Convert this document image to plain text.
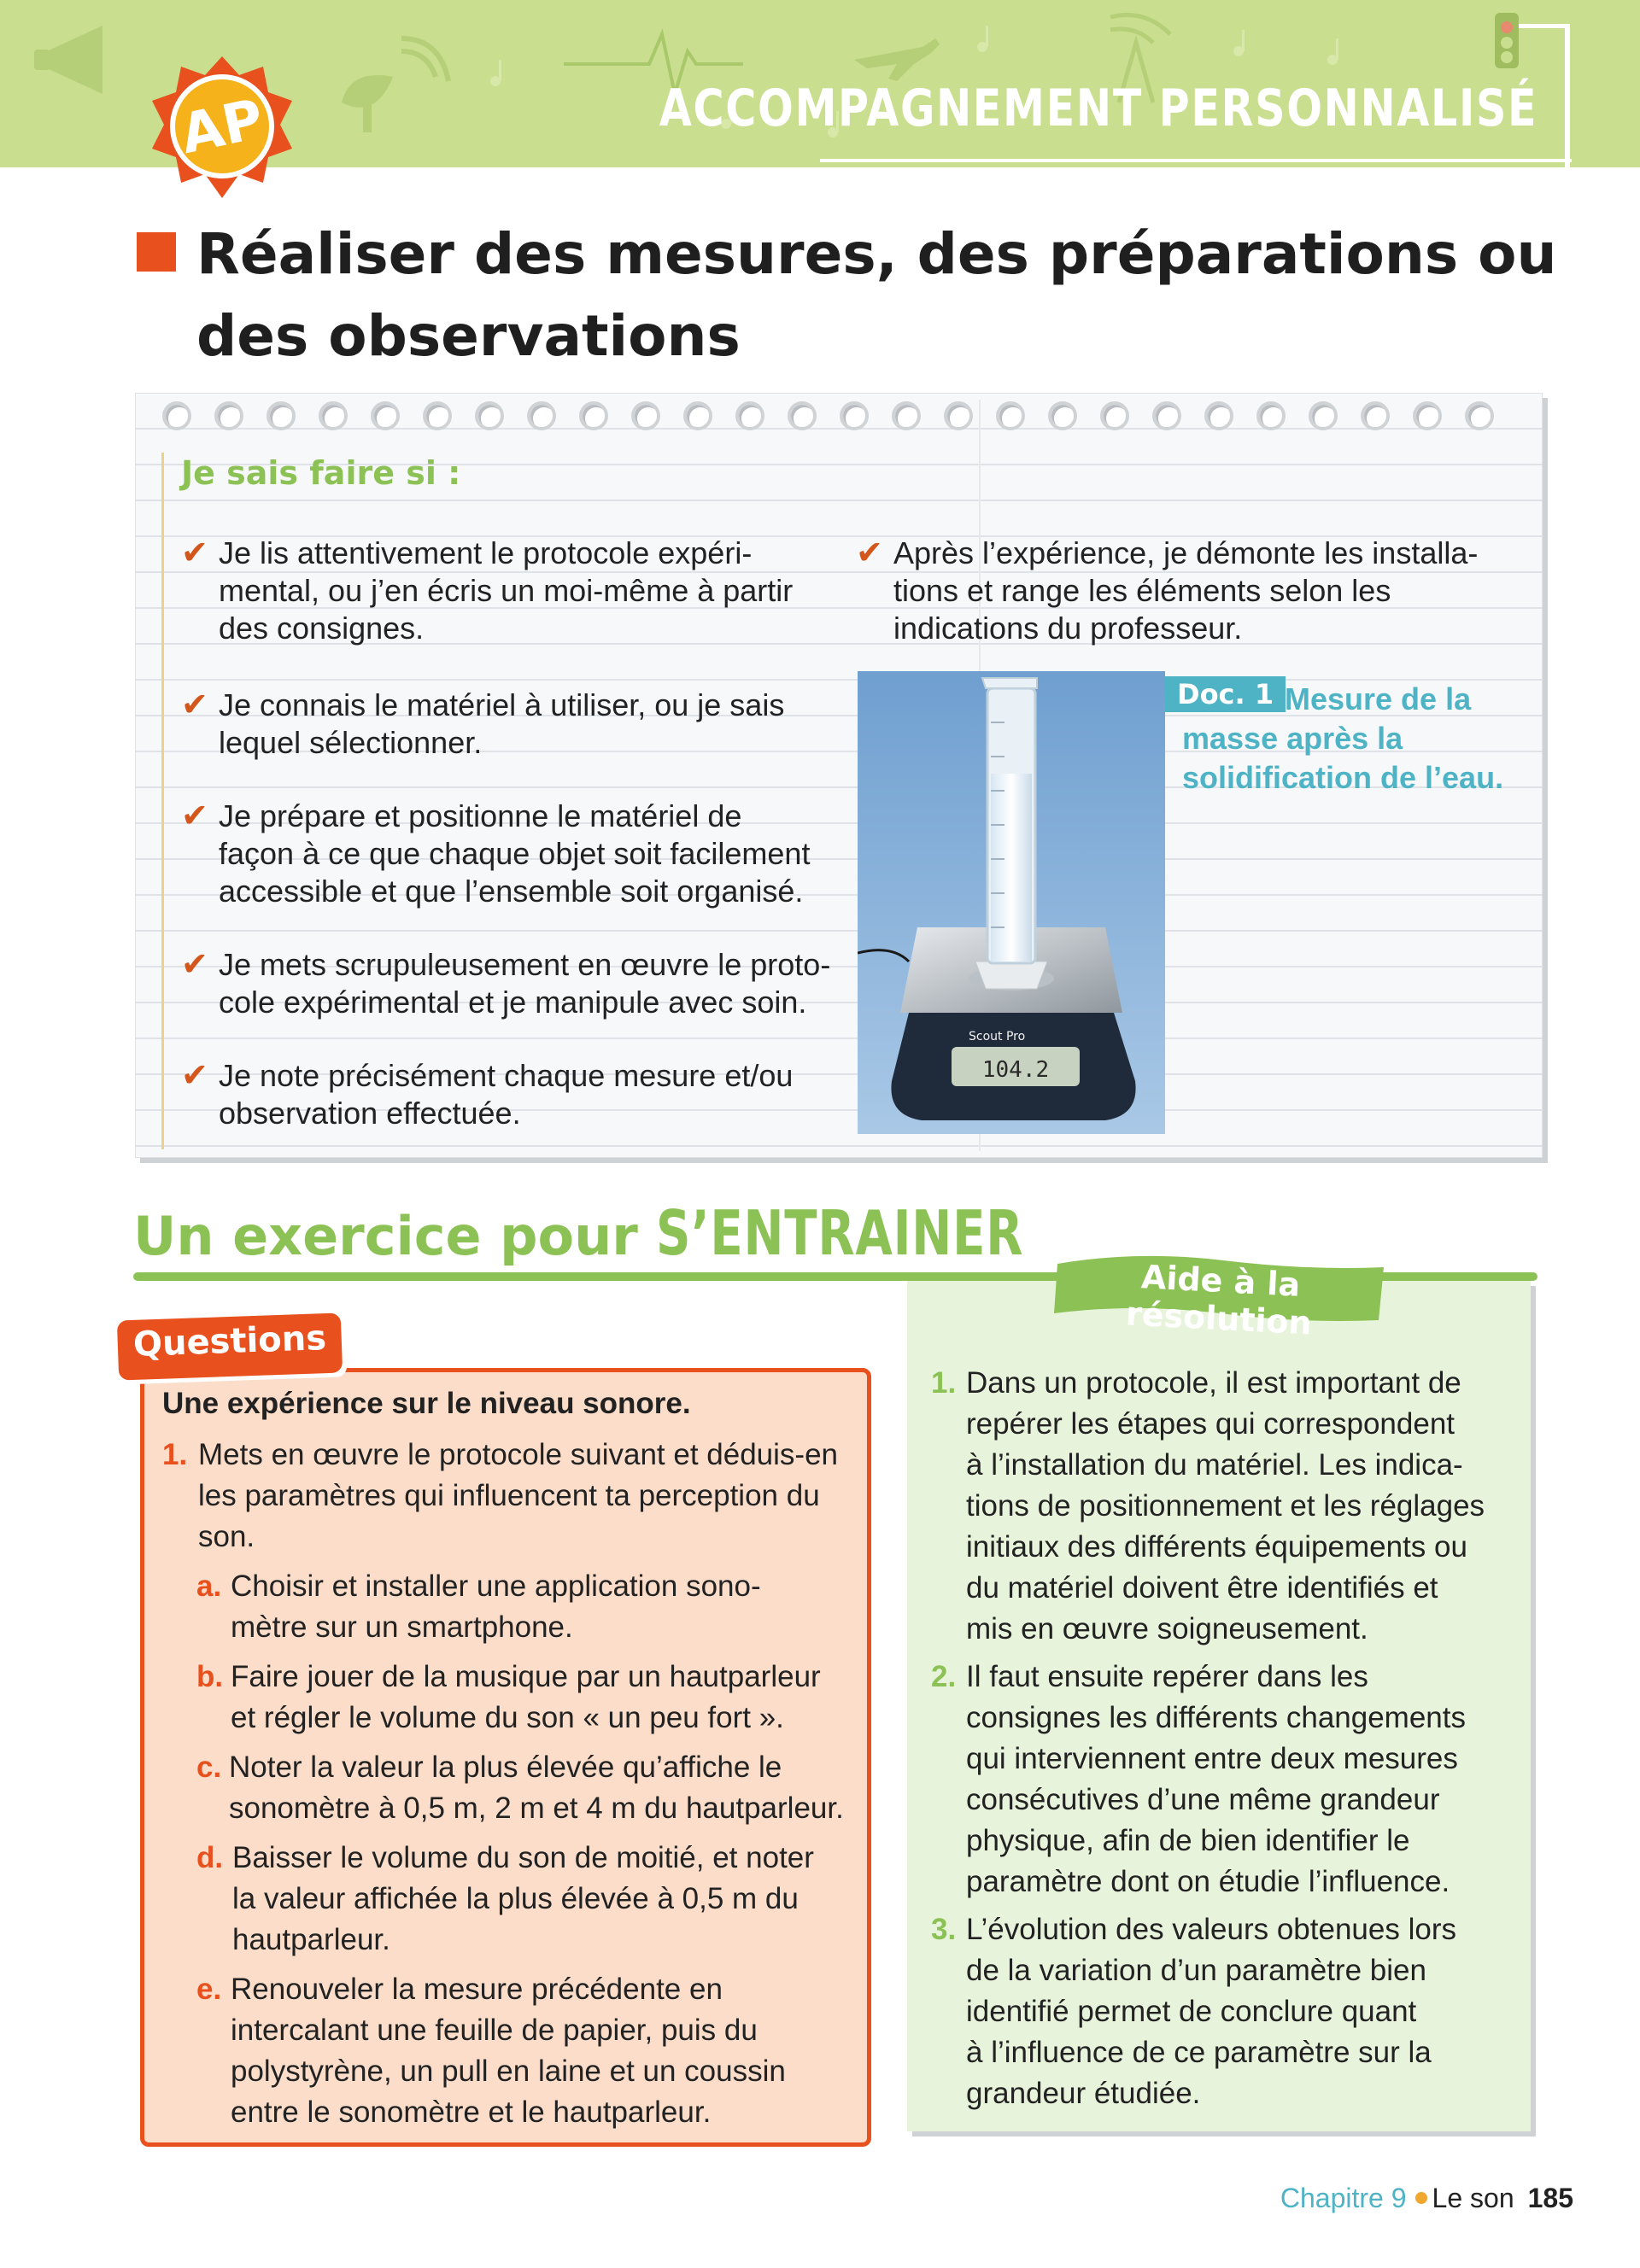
ACCOMPAGNEMENT PERSONNALISÉ
AP
Réaliser des mesures, des préparations ou des observations
Je sais faire si :
✔ Je lis attentivement le protocole expéri-
mental, ou j’en écris un moi-même à partir
des consignes.
✔ Je connais le matériel à utiliser, ou je sais
lequel sélectionner.
✔ Je prépare et positionne le matériel de
façon à ce que chaque objet soit facilement
accessible et que l’ensemble soit organisé.
✔ Je mets scrupuleusement en œuvre le proto-
cole expérimental et je manipule avec soin.
✔ Je note précisément chaque mesure et/ou
observation effectuée.
✔ Après l’expérience, je démonte les installa-
tions et range les éléments selon les
indications du professeur.
104.2
Scout Pro
Doc. 1 Mesure de la masse après la solidification de l’eau.
Un exercice pour S’ENTRAINER
Questions
Une expérience sur le niveau sonore.
1. Mets en œuvre le protocole suivant et déduis-en
les paramètres qui influencent ta perception du
son.
a. Choisir et installer une application sono-
mètre sur un smartphone.
b. Faire jouer de la musique par un hautparleur
et régler le volume du son « un peu fort ».
c. Noter la valeur la plus élevée qu’affiche le
sonomètre à 0,5 m, 2 m et 4 m du hautparleur.
d. Baisser le volume du son de moitié, et noter
la valeur affichée la plus élevée à 0,5 m du
hautparleur.
e. Renouveler la mesure précédente en
intercalant une feuille de papier, puis du
polystyrène, un pull en laine et un coussin
entre le sonomètre et le hautparleur.
Aide à la résolution
1. Dans un protocole, il est important de
repérer les étapes qui correspondent
à l’installation du matériel. Les indica-
tions de positionnement et les réglages
initiaux des différents équipements ou
du matériel doivent être identifiés et
mis en œuvre soigneusement.
2. Il faut ensuite repérer dans les
consignes les différents changements
qui interviennent entre deux mesures
consécutives d’une même grandeur
physique, afin de bien identifier le
paramètre dont on étudie l’influence.
3. L’évolution des valeurs obtenues lors
de la variation d’un paramètre bien
identifié permet de conclure quant
à l’influence de ce paramètre sur la
grandeur étudiée.
Chapitre 9 Le son 185
